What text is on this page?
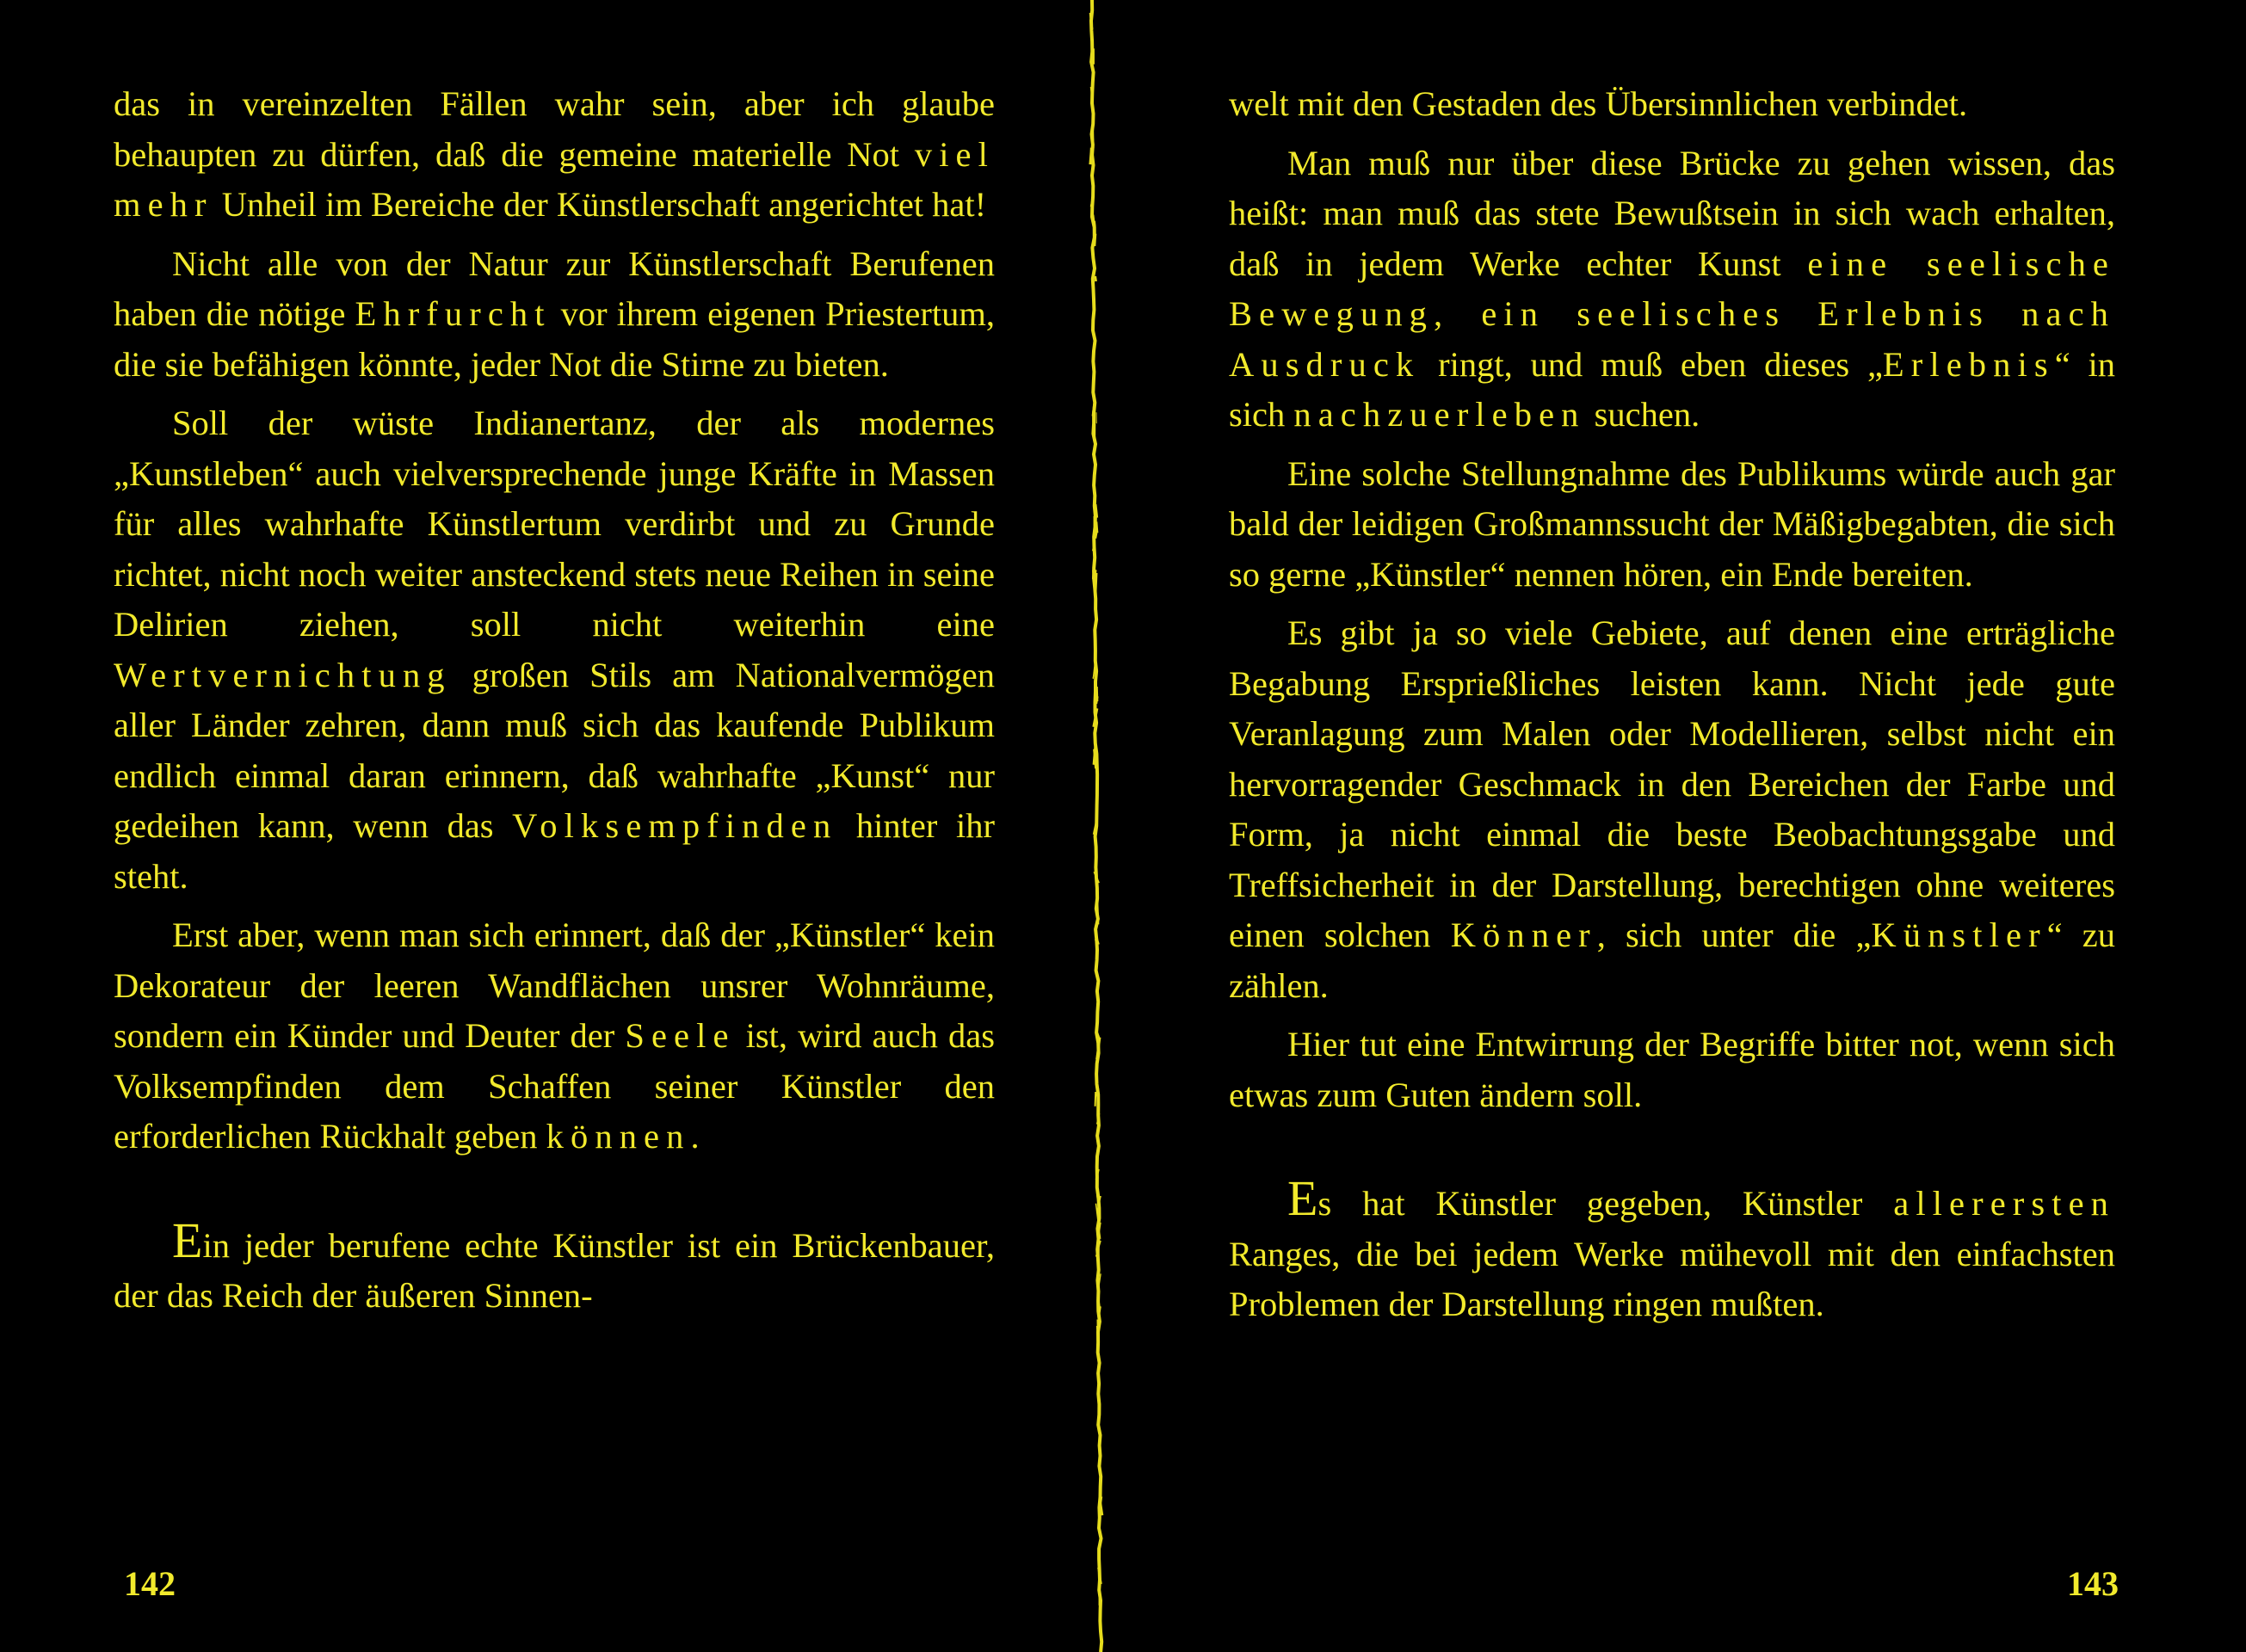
das in vereinzelten Fällen wahr sein, aber ich glaube behaupten zu dürfen, daß die gemeine materielle Not viel mehr Unheil im Bereiche der Künstlerschaft angerichtet hat!

Nicht alle von der Natur zur Künstlerschaft Berufenen haben die nötige Ehrfurcht vor ihrem eigenen Priestertum, die sie befähigen könnte, jeder Not die Stirne zu bieten.

Soll der wüste Indianertanz, der als modernes „Kunstleben“ auch vielversprechende junge Kräfte in Massen für alles wahrhafte Künstlertum verdirbt und zu Grunde richtet, nicht noch weiter ansteckend stets neue Reihen in seine Delirien ziehen, soll nicht weiterhin eine Wertvernichtung großen Stils am Nationalvermögen aller Länder zehren, dann muß sich das kaufende Publikum endlich einmal daran erinnern, daß wahrhafte „Kunst“ nur gedeihen kann, wenn das Volksempfinden hinter ihr steht.

Erst aber, wenn man sich erinnert, daß der „Künstler“ kein Dekorateur der leeren Wandflächen unsrer Wohnräume, sondern ein Künder und Deuter der Seele ist, wird auch das Volksempfinden dem Schaffen seiner Künstler den erforderlichen Rückhalt geben können.

Ein jeder berufene echte Künstler ist ein Brückenbauer, der das Reich der äußeren Sinnen-

welt mit den Gestaden des Übersinnlichen verbindet.

Man muß nur über diese Brücke zu gehen wissen, das heißt: man muß das stete Bewußtsein in sich wach erhalten, daß in jedem Werke echter Kunst eine seelische Bewegung, ein seelisches Erlebnis nach Ausdruck ringt, und muß eben dieses „Erlebnis“ in sich nachzuerleben suchen.

Eine solche Stellungnahme des Publikums würde auch gar bald der leidigen Großmannssucht der Mäßigbegabten, die sich so gerne „Künstler“ nennen hören, ein Ende bereiten.

Es gibt ja so viele Gebiete, auf denen eine erträgliche Begabung Ersprießliches leisten kann. Nicht jede gute Veranlagung zum Malen oder Modellieren, selbst nicht ein hervorragender Geschmack in den Bereichen der Farbe und Form, ja nicht einmal die beste Beobachtungsgabe und Treffsicherheit in der Darstellung, berechtigen ohne weiteres einen solchen Könner, sich unter die „Künstler“ zu zählen.

Hier tut eine Entwirrung der Begriffe bitter not, wenn sich etwas zum Guten ändern soll.

Es hat Künstler gegeben, Künstler allerersten Ranges, die bei jedem Werke mühevoll mit den einfachsten Problemen der Darstellung ringen mußten.

142	143
